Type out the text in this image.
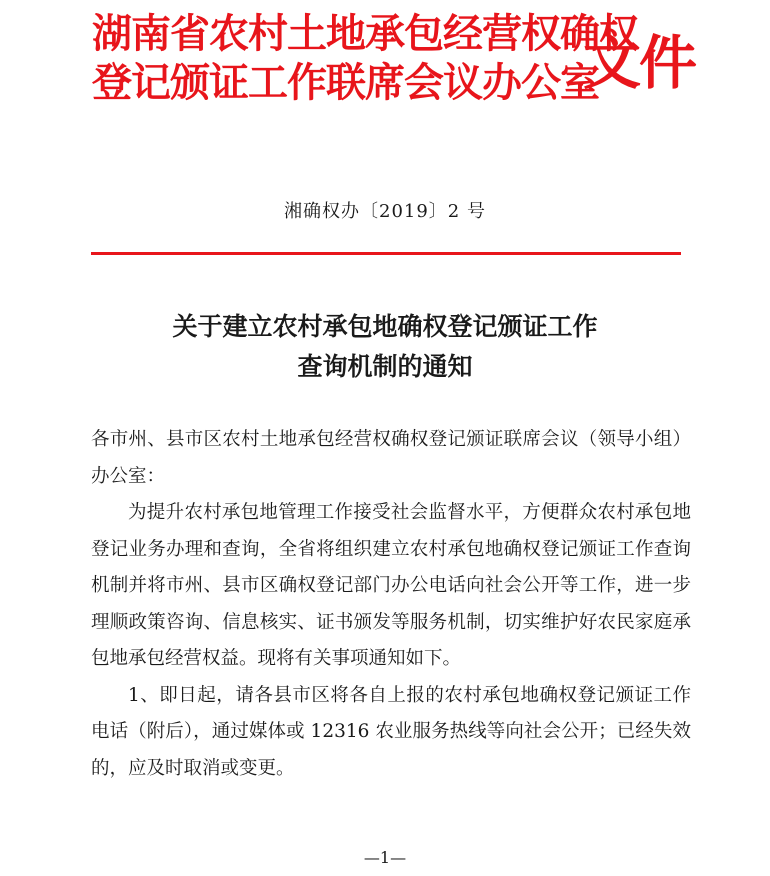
湖南省农村土地承包经营权确权
登记颁证工作联席会议办公室
文件
湘确权办〔2019〕2 号
关于建立农村承包地确权登记颁证工作
查询机制的通知

各市州、县市区农村土地承包经营权确权登记颁证联席会议（领导小组）办公室：

为提升农村承包地管理工作接受社会监督水平，方便群众农村承包地登记业务办理和查询，全省将组织建立农村承包地确权登记颁证工作查询机制并将市州、县市区确权登记部门办公电话向社会公开等工作，进一步理顺政策咨询、信息核实、证书颁发等服务机制，切实维护好农民家庭承包地承包经营权益。现将有关事项通知如下。

1、即日起，请各县市区将各自上报的农村承包地确权登记颁证工作电话（附后），通过媒体或 12316 农业服务热线等向社会公开；已经失效的，应及时取消或变更。

—1—
